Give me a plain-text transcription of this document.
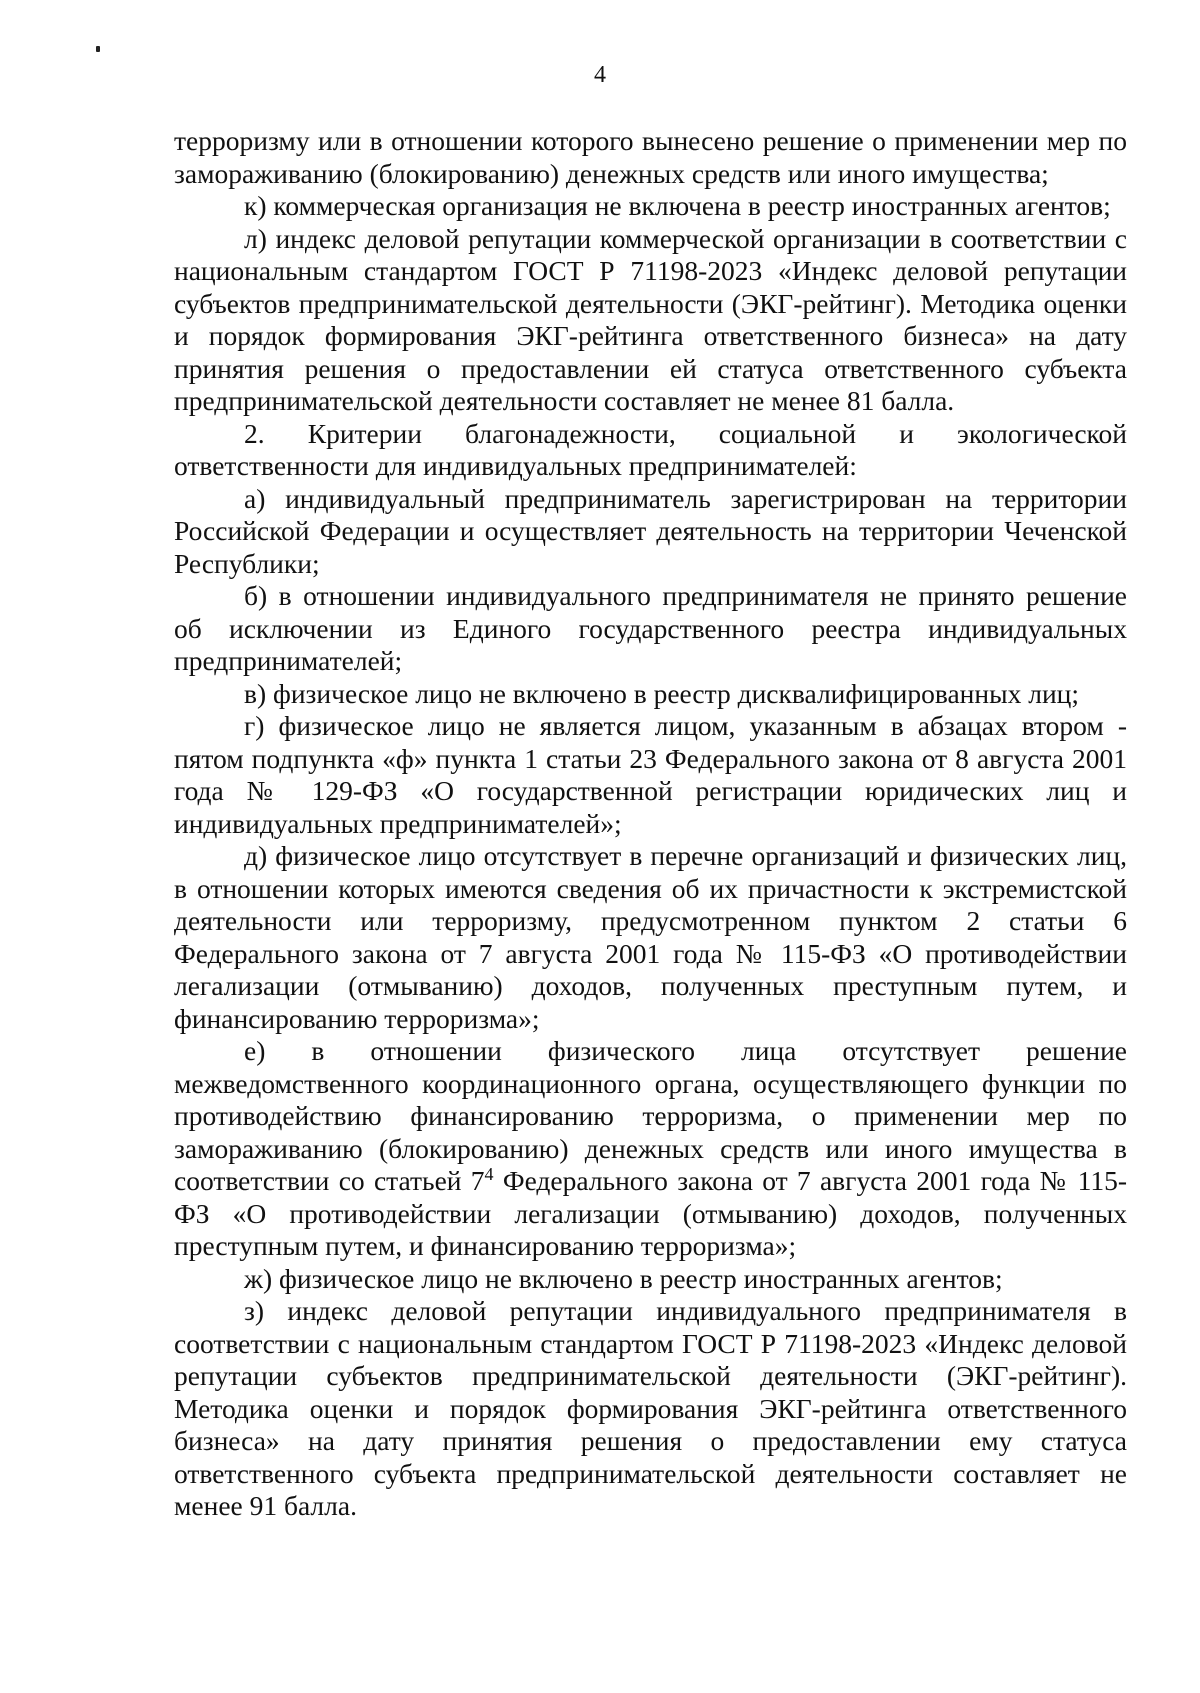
4

терроризму или в отношении которого вынесено решение о применении мер по замораживанию (блокированию) денежных средств или иного имущества;

к) коммерческая организация не включена в реестр иностранных агентов;

л) индекс деловой репутации коммерческой организации в соответствии с национальным стандартом ГОСТ Р 71198-2023 «Индекс деловой репутации субъектов предпринимательской деятельности (ЭКГ-рейтинг). Методика оценки и порядок формирования ЭКГ-рейтинга ответственного бизнеса» на дату принятия решения о предоставлении ей статуса ответственного субъекта предпринимательской деятельности составляет не менее 81 балла.

2. Критерии благонадежности, социальной и экологической ответственности для индивидуальных предпринимателей:

а) индивидуальный предприниматель зарегистрирован на территории Российской Федерации и осуществляет деятельность на территории Чеченской Республики;

б) в отношении индивидуального предпринимателя не принято решение об исключении из Единого государственного реестра индивидуальных предпринимателей;

в) физическое лицо не включено в реестр дисквалифицированных лиц;

г) физическое лицо не является лицом, указанным в абзацах втором - пятом подпункта «ф» пункта 1 статьи 23 Федерального закона от 8 августа 2001 года № 129-ФЗ «О государственной регистрации юридических лиц и индивидуальных предпринимателей»;

д) физическое лицо отсутствует в перечне организаций и физических лиц, в отношении которых имеются сведения об их причастности к экстремистской деятельности или терроризму, предусмотренном пунктом 2 статьи 6 Федерального закона от 7 августа 2001 года № 115-ФЗ «О противодействии легализации (отмыванию) доходов, полученных преступным путем, и финансированию терроризма»;

е) в отношении физического лица отсутствует решение межведомственного координационного органа, осуществляющего функции по противодействию финансированию терроризма, о применении мер по замораживанию (блокированию) денежных средств или иного имущества в соответствии со статьей $7^4$ Федерального закона от 7 августа 2001 года № 115-ФЗ «О противодействии легализации (отмыванию) доходов, полученных преступным путем, и финансированию терроризма»;

ж) физическое лицо не включено в реестр иностранных агентов;

з) индекс деловой репутации индивидуального предпринимателя в соответствии с национальным стандартом ГОСТ Р 71198-2023 «Индекс деловой репутации субъектов предпринимательской деятельности (ЭКГ-рейтинг). Методика оценки и порядок формирования ЭКГ-рейтинга ответственного бизнеса» на дату принятия решения о предоставлении ему статуса ответственного субъекта предпринимательской деятельности составляет не менее 91 балла.
